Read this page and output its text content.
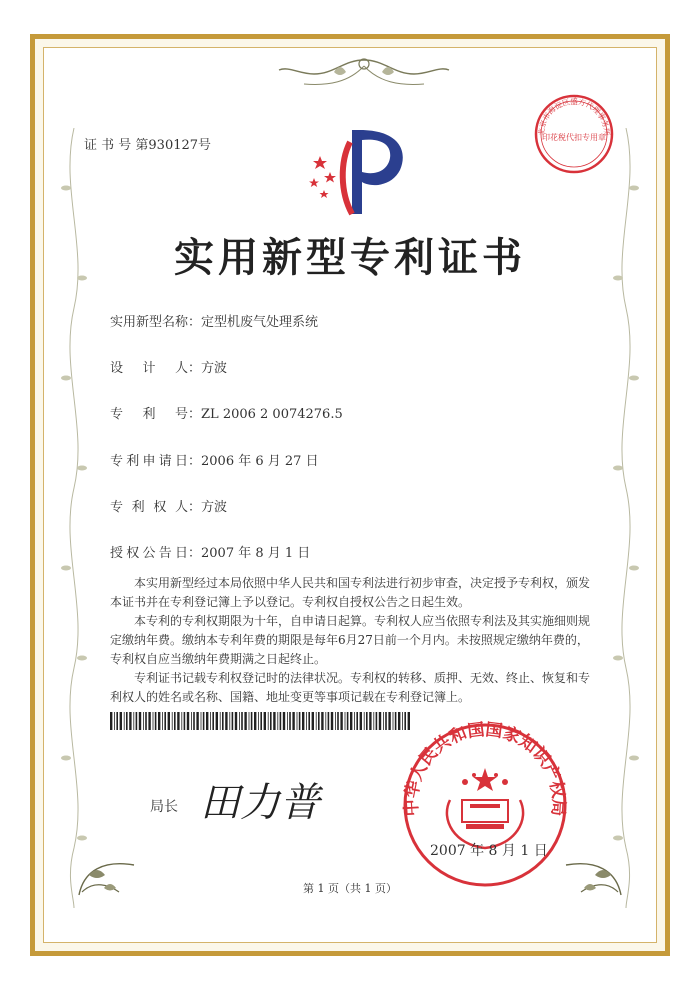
证 书 号 第930127号
北京市海淀区盛方代理事务所
印花税代扣专用章
实用新型专利证书
实用新型名称：定型机废气处理系统
设计人：方波
专利号：ZL 2006 2 0074276.5
专利申请日：2006 年 6 月 27 日
专利权人：方波
授权公告日：2007 年 8 月 1 日

本实用新型经过本局依照中华人民共和国专利法进行初步审查，决定授予专利权，颁发本证书并在专利登记簿上予以登记。专利权自授权公告之日起生效。

本专利的专利权期限为十年，自申请日起算。专利权人应当依照专利法及其实施细则规定缴纳年费。缴纳本专利年费的期限是每年6月27日前一个月内。未按照规定缴纳年费的，专利权自应当缴纳年费期满之日起终止。

专利证书记载专利权登记时的法律状况。专利权的转移、质押、无效、终止、恢复和专利权人的姓名或名称、国籍、地址变更等事项记载在专利登记簿上。

局长 田力普	中华人民共和国国家知识产权局
2007 年 8 月 1 日
第 1 页（共 1 页）
